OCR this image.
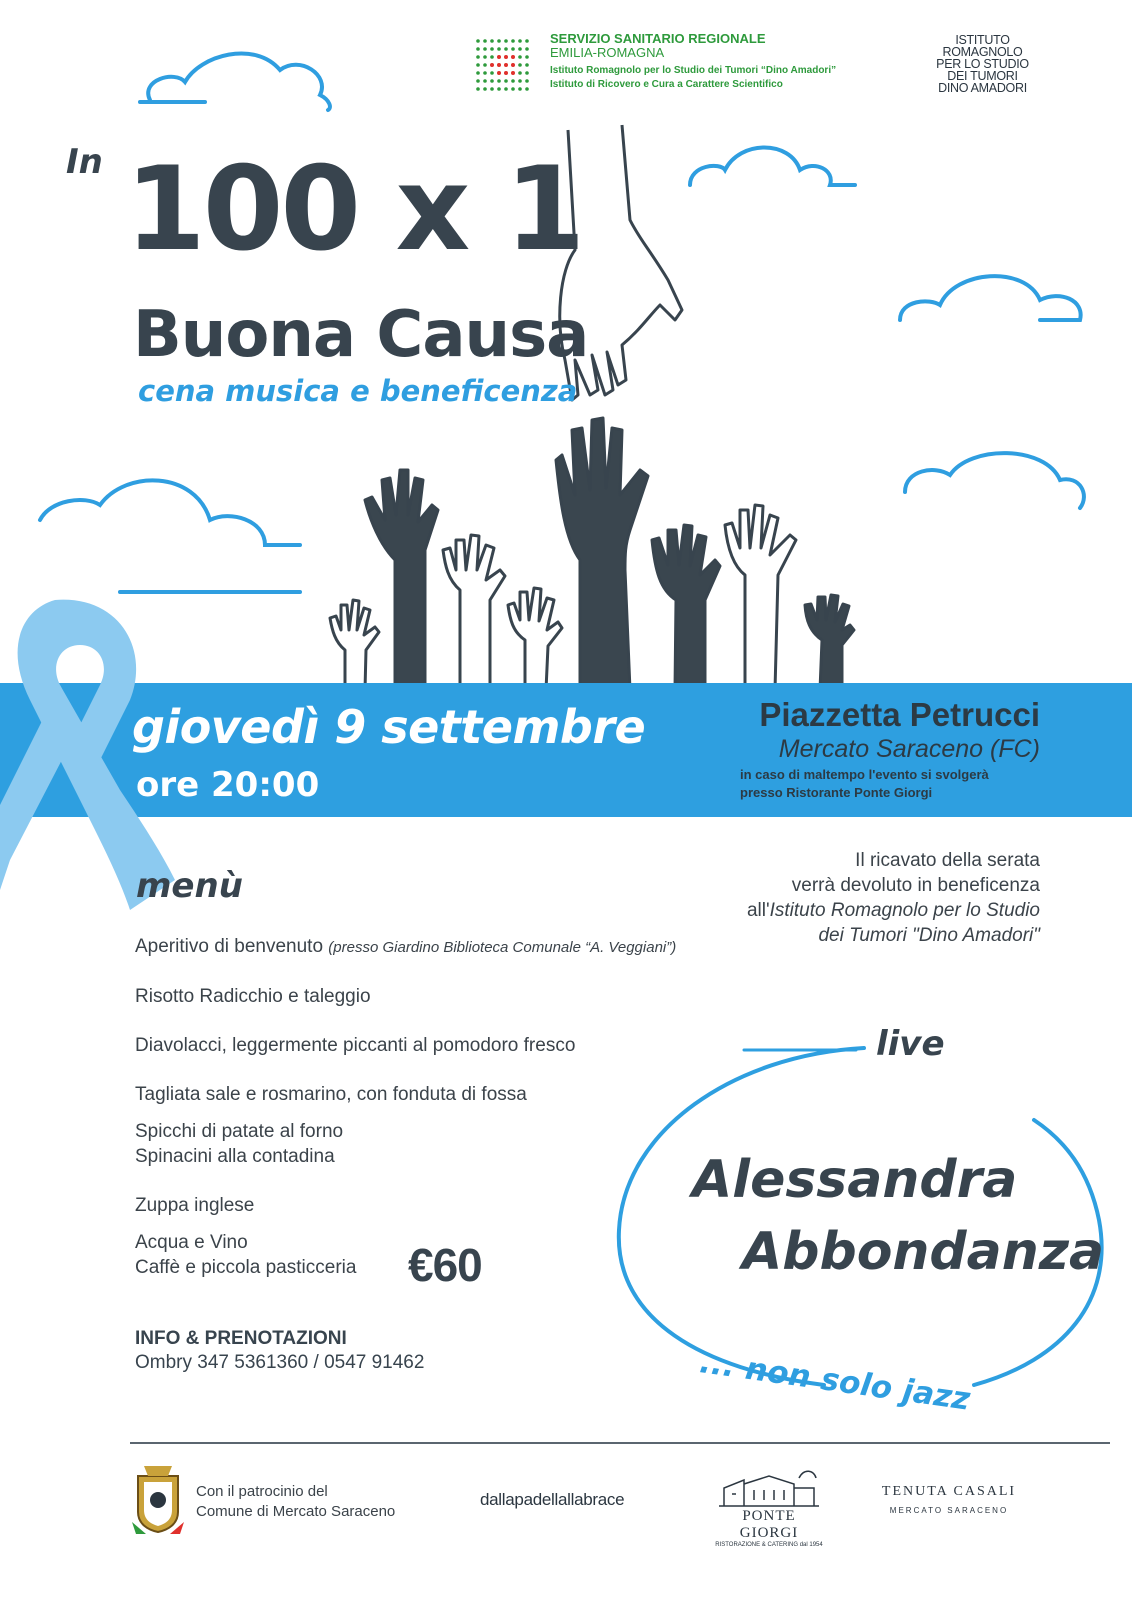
SERVIZIO SANITARIO REGIONALE
EMILIA-ROMAGNA
Istituto Romagnolo per lo Studio dei Tumori “Dino Amadori”
Istituto di Ricovero e Cura a Carattere Scientifico
ISTITUTO
ROMAGNOLO
PER LO STUDIO
DEI TUMORI
DINO AMADORI
In 100 x 1
Buona Causa
cena musica e beneficenza
giovedì 9 settembre
ore 20:00
Piazzetta Petrucci
Mercato Saraceno (FC)
in caso di maltempo l'evento si svolgerà
presso Ristorante Ponte Giorgi
menù
Aperitivo di benvenuto (presso Giardino Biblioteca Comunale “A. Veggiani”)
Risotto Radicchio e taleggio
Diavolacci, leggermente piccanti al pomodoro fresco
Tagliata sale e rosmarino, con fonduta di fossa
Spicchi di patate al forno
Spinacini alla contadina
Zuppa inglese
Acqua e Vino
Caffè e piccola pasticceria €60
INFO & PRENOTAZIONI
Ombry 347 5361360 / 0547 91462
Il ricavato della serata
verrà devoluto in beneficenza
all'Istituto Romagnolo per lo Studio
dei Tumori "Dino Amadori"
live
Alessandra
Abbondanza
... non solo jazz
Con il patrocinio del
Comune di Mercato Saraceno
dallapadellallabrace
PONTE GIORGI
RISTORAZIONE & CATERING dal 1954
TENUTA CASALI
MERCATO SARACENO
